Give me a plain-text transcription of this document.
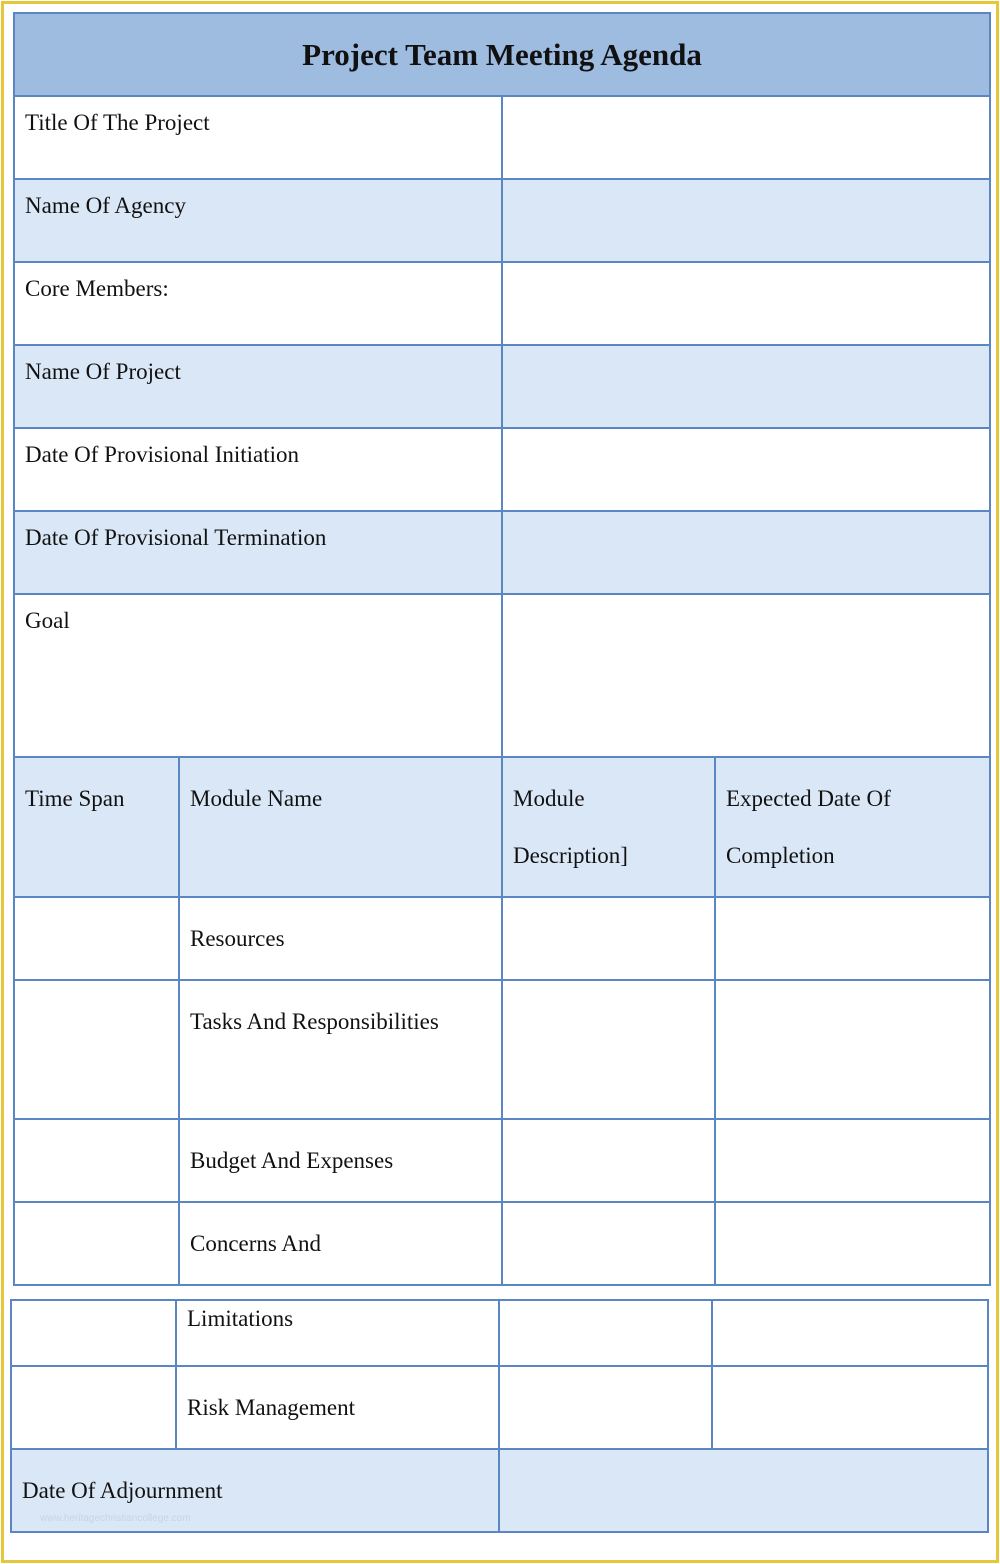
Project Team Meeting Agenda			
Title Of The Project			
Name Of Agency			
Core Members:			
Name Of Project			
Date Of Provisional Initiation			
Date Of Provisional Termination			
Goal			
Time Span	Module Name	Module Description]	Expected Date Of Completion
	Resources		
	Tasks And Responsibilities		
	Budget And Expenses		
	Concerns And		
	Limitations		
	Risk Management		
Date Of Adjournment			
www.heritagechristiancollege.com
